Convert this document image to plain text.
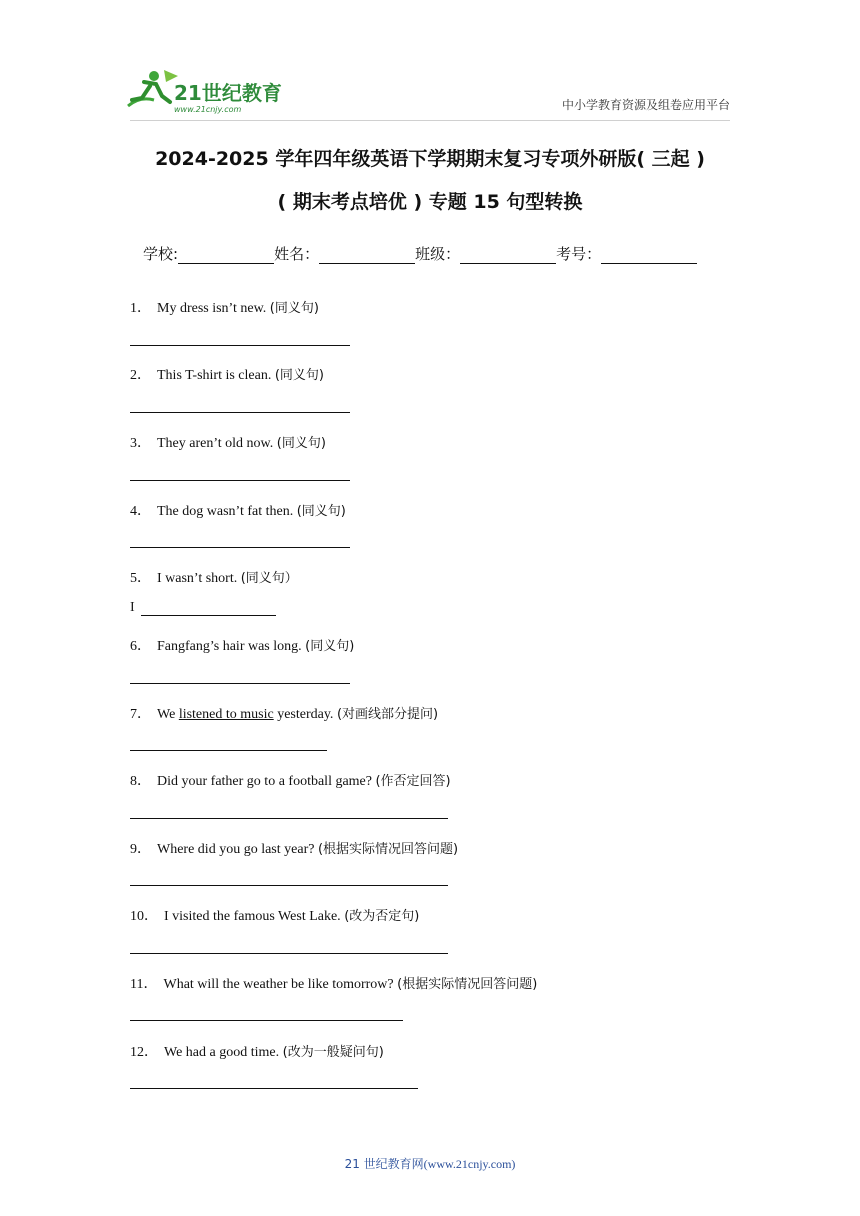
21世纪教育
www.21cnjy.com	中小学教育资源及组卷应用平台
2024-2025 学年四年级英语下学期期末复习专项外研版( 三起 )
( 期末考点培优 ) 专题 15 句型转换
学校:	姓名：	班级：	考号：
1． My dress isn’t new. (同义句)
2． This T-shirt is clean. (同义句)
3． They aren’t old now. (同义句)
4． The dog wasn’t fat then. (同义句)
5． I wasn’t short. (同义句）
I
6． Fangfang’s hair was long. (同义句)
7． We listened to music yesterday. (对画线部分提问)
8． Did your father go to a football game? (作否定回答)
9． Where did you go last year? (根据实际情况回答问题)
10． I visited the famous West Lake. (改为否定句)
11． What will the weather be like tomorrow? (根据实际情况回答问题)
12． We had a good time. (改为一般疑问句)
21 世纪教育网(www.21cnjy.com)
